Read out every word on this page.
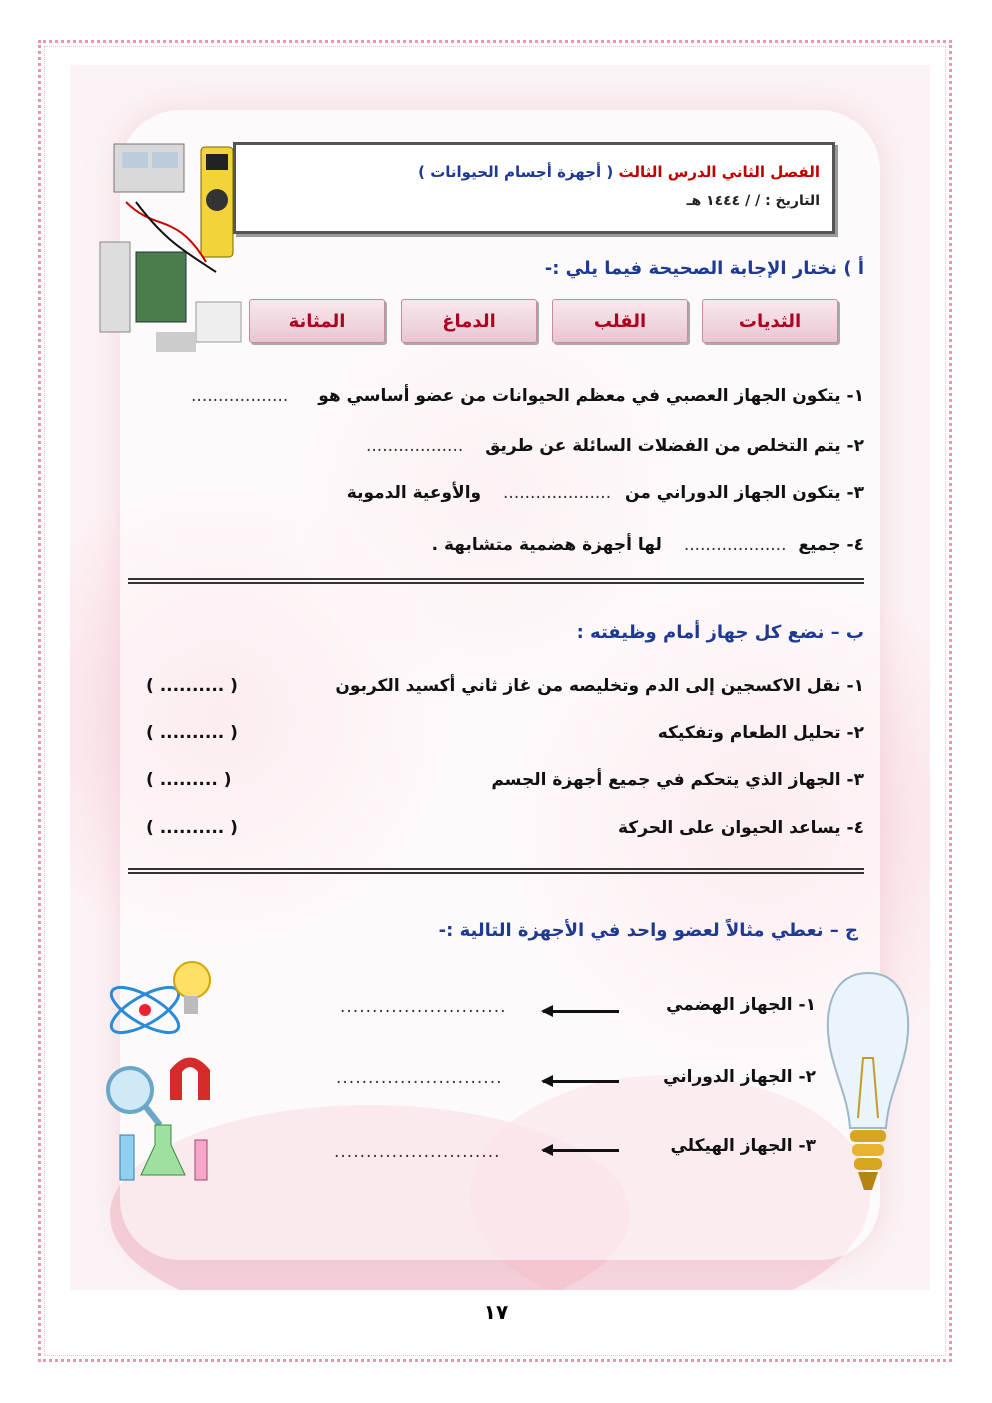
الفصل الثاني الدرس الثالث ( أجهزة أجسام الحيوانات )
التاريخ : / / ١٤٤٤ هـ
أ ) نختار الإجابة الصحيحة فيما يلي :-
الثديات
القلب
الدماغ
المثانة
١- يتكون الجهاز العصبي في معظم الحيوانات من عضو أساسي هو ..................
٢- يتم التخلص من الفضلات السائلة عن طريق ..................
٣- يتكون الجهاز الدوراني من .................... والأوعية الدموية
٤- جميع ................... لها أجهزة هضمية متشابهة .
ب – نضع كل جهاز أمام وظيفته :
١- نقل الاكسجين إلى الدم وتخليصه من غاز ثاني أكسيد الكربون
( .......... )
٢- تحليل الطعام وتفكيكه
( .......... )
٣- الجهاز الذي يتحكم في جميع أجهزة الجسم
( ......... )
٤- يساعد الحيوان على الحركة
( .......... )
ج – نعطي مثالاً لعضو واحد في الأجهزة التالية :-
١- الجهاز الهضمي
..........................
٢- الجهاز الدوراني
..........................
٣- الجهاز الهيكلي
..........................
١٧
